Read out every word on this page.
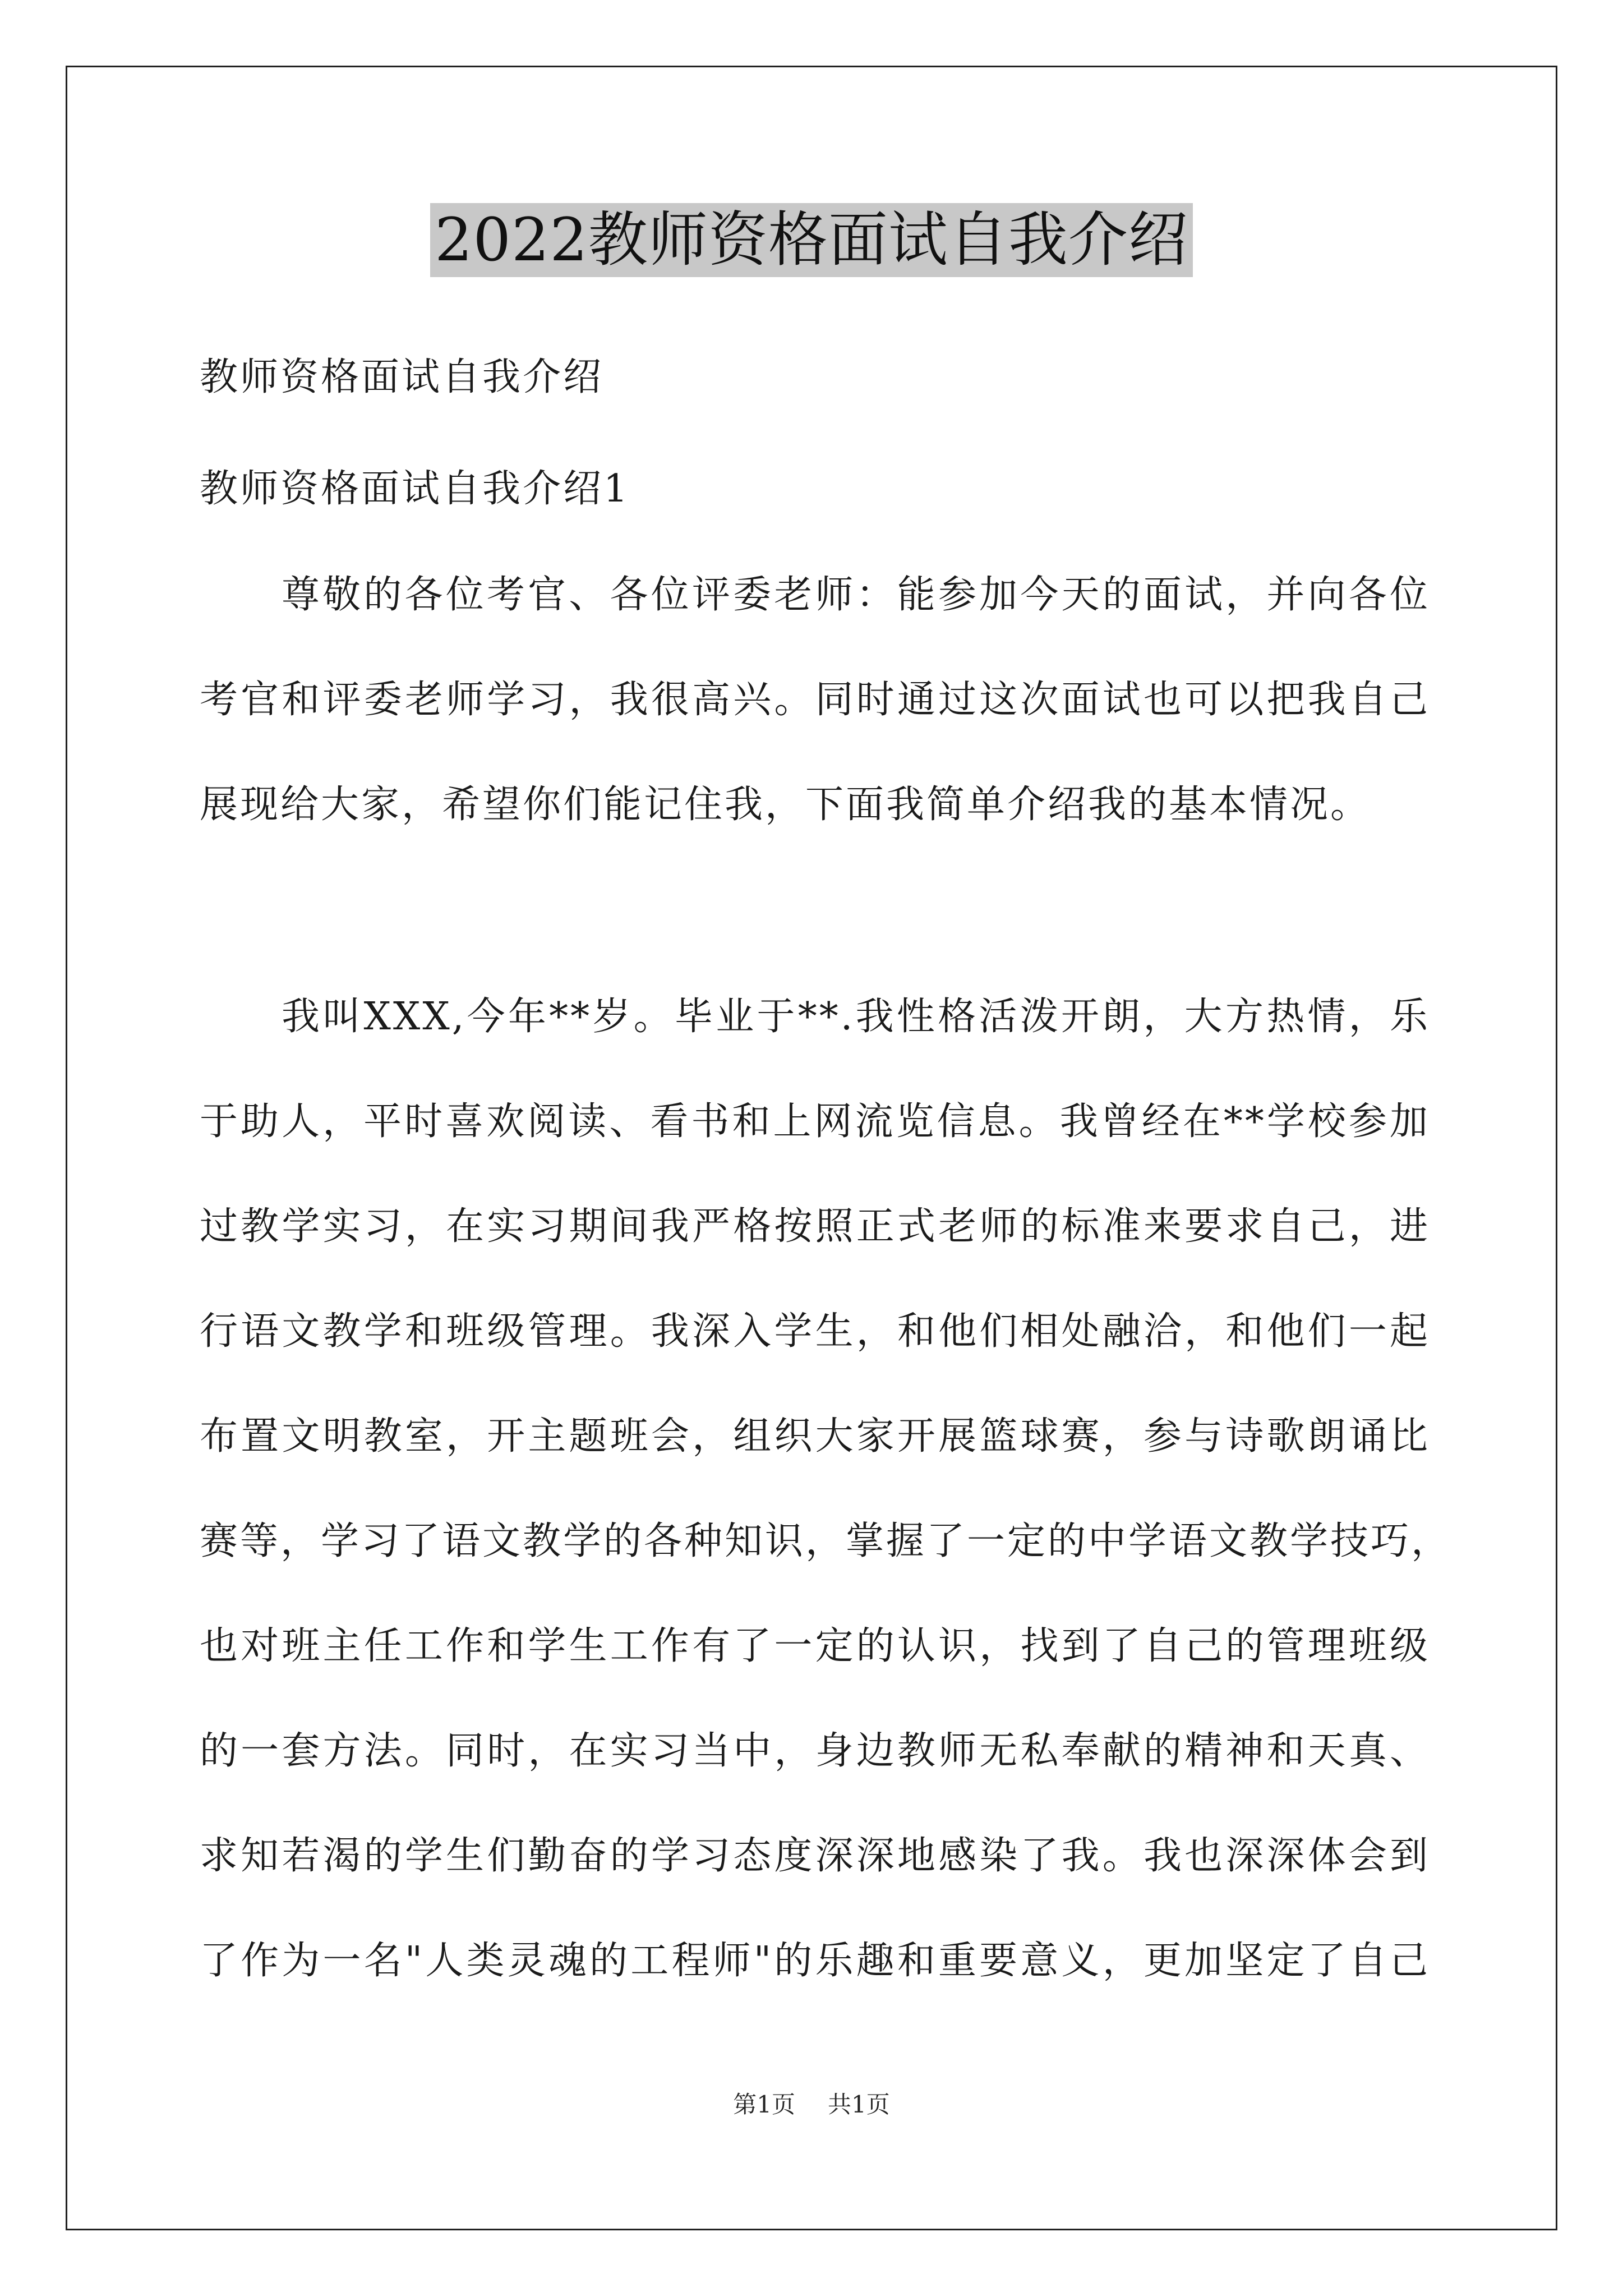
2022教师资格面试自我介绍
教师资格面试自我介绍
教师资格面试自我介绍1
尊敬的各位考官、各位评委老师：能参加今天的面试，并向各位
考官和评委老师学习，我很高兴。同时通过这次面试也可以把我自己
展现给大家，希望你们能记住我，下面我简单介绍我的基本情况。
我叫XXX,今年**岁。毕业于**.我性格活泼开朗，大方热情，乐
于助人，平时喜欢阅读、看书和上网流览信息。我曾经在**学校参加
过教学实习，在实习期间我严格按照正式老师的标准来要求自己，进
行语文教学和班级管理。我深入学生，和他们相处融洽，和他们一起
布置文明教室，开主题班会，组织大家开展篮球赛，参与诗歌朗诵比
赛等，学习了语文教学的各种知识，掌握了一定的中学语文教学技巧，
也对班主任工作和学生工作有了一定的认识，找到了自己的管理班级
的一套方法。同时，在实习当中，身边教师无私奉献的精神和天真、
求知若渴的学生们勤奋的学习态度深深地感染了我。我也深深体会到
了作为一名"人类灵魂的工程师"的乐趣和重要意义，更加坚定了自己
第1页 共1页
